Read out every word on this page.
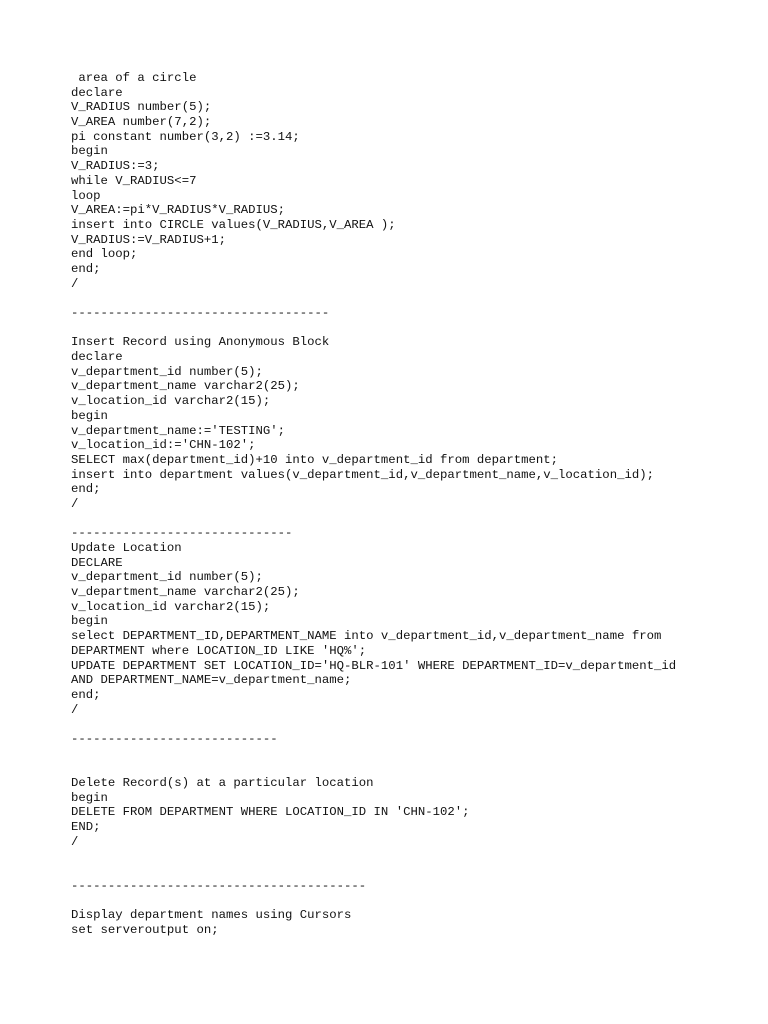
area of a circle
declare
V_RADIUS number(5);
V_AREA number(7,2);
pi constant number(3,2) :=3.14;
begin
V_RADIUS:=3;
while V_RADIUS<=7
loop
V_AREA:=pi*V_RADIUS*V_RADIUS;
insert into CIRCLE values(V_RADIUS,V_AREA );
V_RADIUS:=V_RADIUS+1;
end loop;
end;
/
-----------------------------------
Insert Record using Anonymous Block
declare
v_department_id number(5);
v_department_name varchar2(25);
v_location_id varchar2(15);
begin
v_department_name:='TESTING';
v_location_id:='CHN-102';
SELECT max(department_id)+10 into v_department_id from department;
insert into department values(v_department_id,v_department_name,v_location_id);
end;
/
------------------------------
Update Location
DECLARE
v_department_id number(5);
v_department_name varchar2(25);
v_location_id varchar2(15);
begin
select DEPARTMENT_ID,DEPARTMENT_NAME into v_department_id,v_department_name from
DEPARTMENT where LOCATION_ID LIKE 'HQ%';
UPDATE DEPARTMENT SET LOCATION_ID='HQ-BLR-101' WHERE DEPARTMENT_ID=v_department_id
AND DEPARTMENT_NAME=v_department_name;
end;
/
----------------------------
Delete Record(s) at a particular location
begin
DELETE FROM DEPARTMENT WHERE LOCATION_ID IN 'CHN-102';
END;
/
----------------------------------------
Display department names using Cursors
set serveroutput on;
